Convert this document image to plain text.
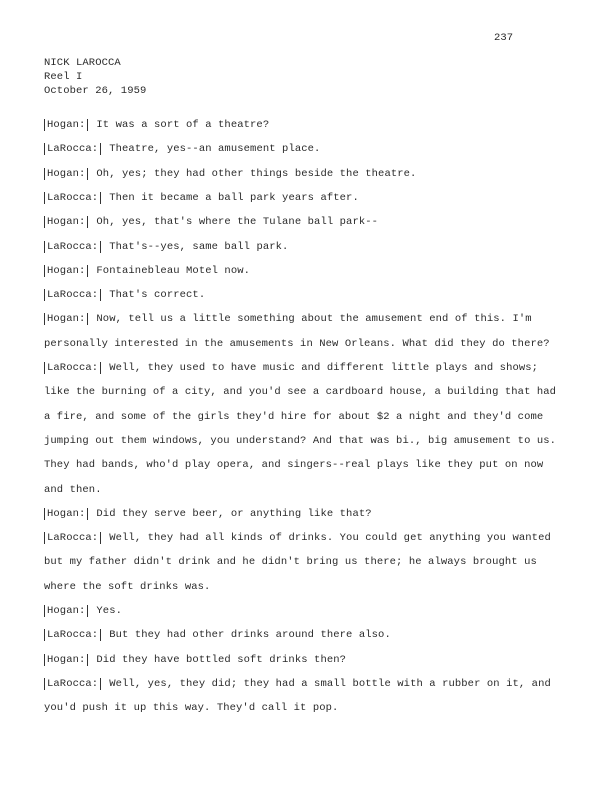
237
NICK LAROCCA
Reel I
October 26, 1959
Hogan: It was a sort of a theatre?
LaRocca: Theatre, yes--an amusement place.
Hogan: Oh, yes; they had other things beside the theatre.
LaRocca: Then it became a ball park years after.
Hogan: Oh, yes, that's where the Tulane ball park--
LaRocca: That's--yes, same ball park.
Hogan: Fontainebleau Motel now.
LaRocca: That's correct.
Hogan: Now, tell us a little something about the amusement end of this. I'm
personally interested in the amusements in New Orleans. What did they do there?
LaRocca: Well, they used to have music and different little plays and shows;
like the burning of a city, and you'd see a cardboard house, a building that had
a fire, and some of the girls they'd hire for about $2 a night and they'd come
jumping out them windows, you understand? And that was bi., big amusement to us.
They had bands, who'd play opera, and singers--real plays like they put on now
and then.
Hogan: Did they serve beer, or anything like that?
LaRocca: Well, they had all kinds of drinks. You could get anything you wanted
but my father didn't drink and he didn't bring us there; he always brought us
where the soft drinks was.
Hogan: Yes.
LaRocca: But they had other drinks around there also.
Hogan: Did they have bottled soft drinks then?
LaRocca: Well, yes, they did; they had a small bottle with a rubber on it, and
you'd push it up this way. They'd call it pop.
